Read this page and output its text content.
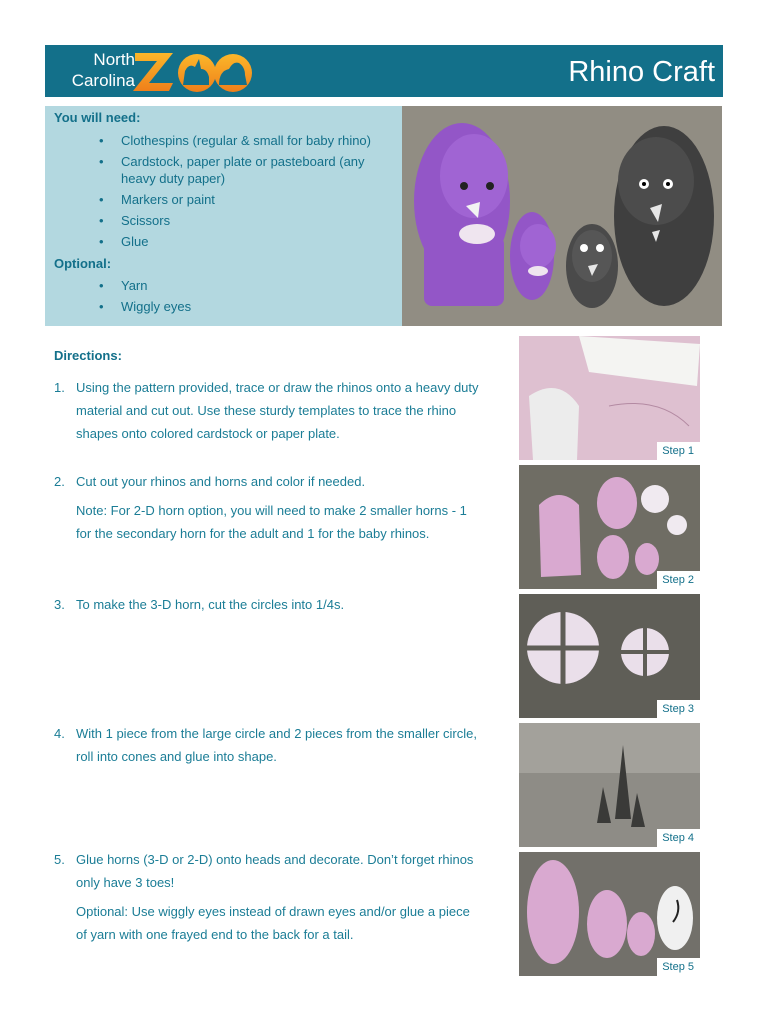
North
Carolina	Rhino Craft
You will need:
• Clothespins (regular & small for baby rhino)
• Cardstock, paper plate or pasteboard (any heavy duty paper)
• Markers or paint
• Scissors
• Glue
Optional:
• Yarn
• Wiggly eyes
Directions:
1. Using the pattern provided, trace or draw the rhinos onto a heavy duty material and cut out. Use these sturdy templates to trace the rhino shapes onto colored cardstock or paper plate.
2. Cut out your rhinos and horns and color if needed.
Note: For 2-D horn option, you will need to make 2 smaller horns - 1 for the secondary horn for the adult and 1 for the baby rhinos.
3. To make the 3-D horn, cut the circles into 1/4s.
4. With 1 piece from the large circle and 2 pieces from the smaller circle, roll into cones and glue into shape.
5. Glue horns (3-D or 2-D) onto heads and decorate. Don’t forget rhinos only have 3 toes!
Optional: Use wiggly eyes instead of drawn eyes and/or glue a piece of yarn with one frayed end to the back for a tail.
Step 1
Step 2
Step 3
Step 4
Step 5
